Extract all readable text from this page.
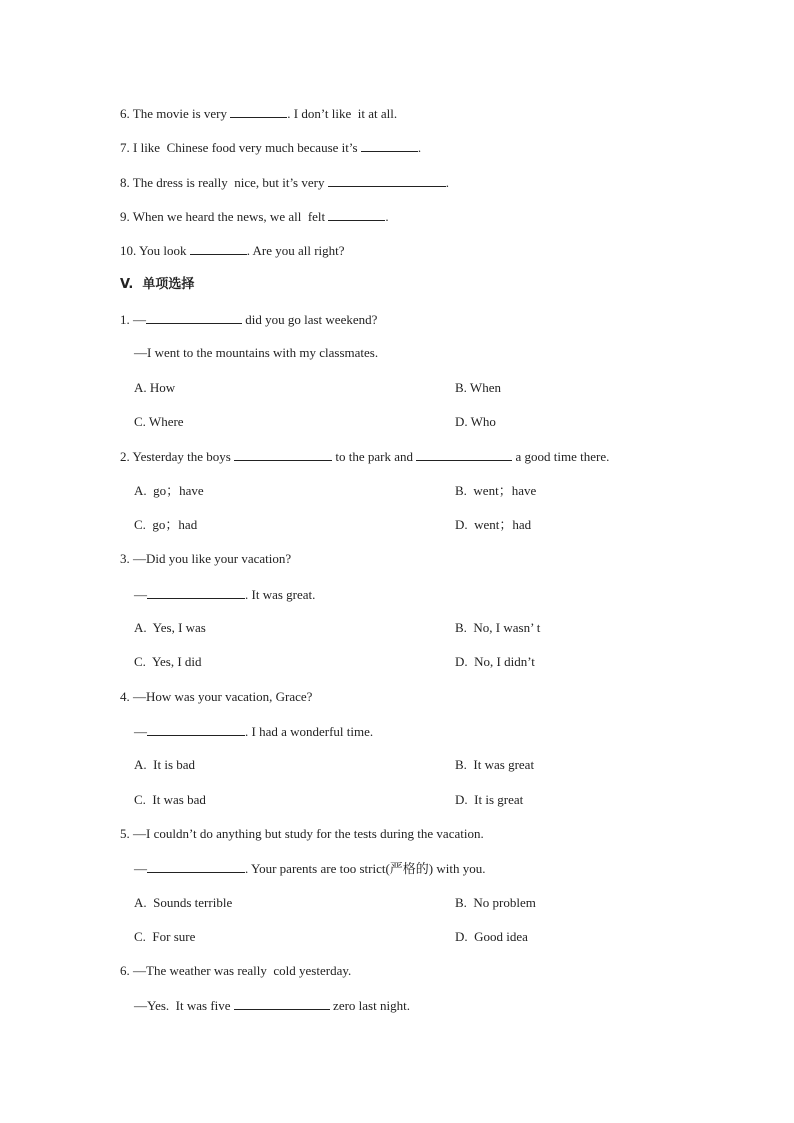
6. The movie is very	. I don’t like  it at all.
7. I like  Chinese food very much because it’s	.
8. The dress is really  nice, but it’s very	.
9. When we heard the news, we all  felt	.
10. You look	. Are you all right?
V.  单项选择
1. —	did you go last weekend?
—I went to the mountains with my classmates.
A. How	B. When
C. Where	D. Who
2. Yesterday the boys	to the park and	a good time there.
A.  go；have	B.  went；have
C.  go；had	D.  went；had
3. —Did you like your vacation?
—	. It was great.
A.  Yes, I was	B.  No, I wasn’ t
C.  Yes, I did	D.  No, I didn’t
4. —How was your vacation, Grace?
—	. I had a wonderful time.
A.  It is bad	B.  It was great
C.  It was bad	D.  It is great
5. —I couldn’t do anything but study for the tests during the vacation.
—	. Your parents are too strict(严格的) with you.
A.  Sounds terrible	B.  No problem
C.  For sure	D.  Good idea
6. —The weather was really  cold yesterday.
—Yes.  It was five	zero last night.
